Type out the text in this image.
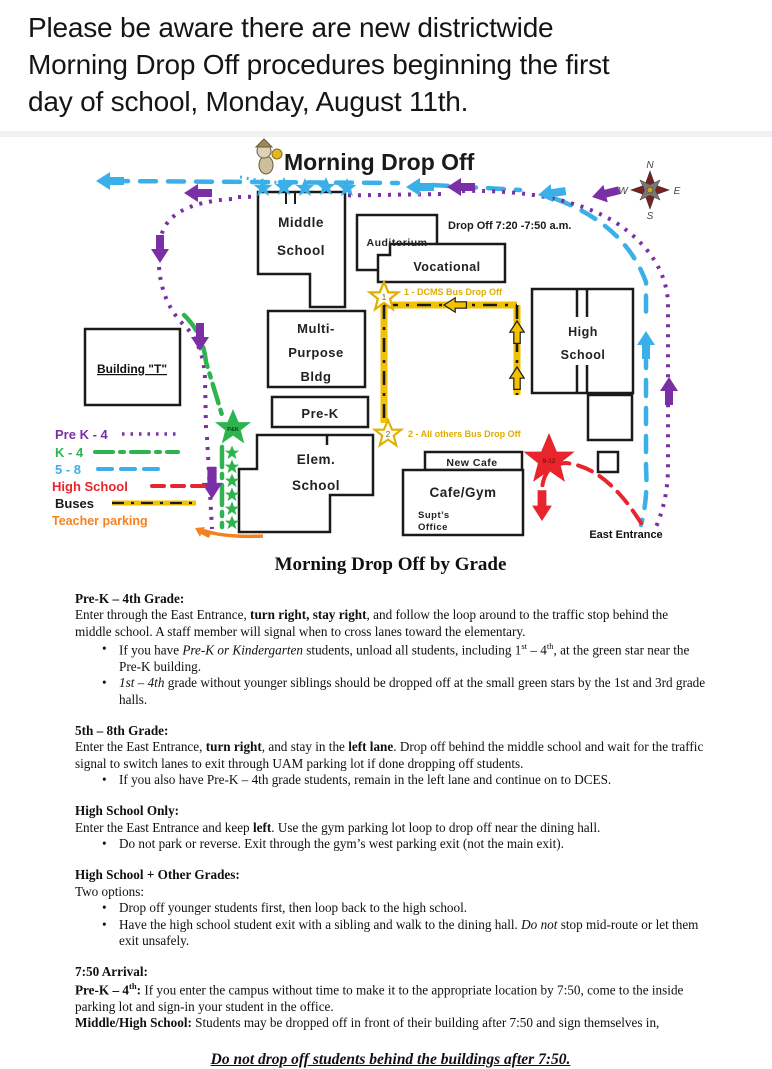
Please be aware there are new districtwide
Morning Drop Off procedures beginning the first
day of school, Monday, August 11th.
P&K
9-12
1
2
Morning Drop Off
Drop Off 7:20 -7:50 a.m.
N
W	E
S
Middle
School	Auditorium
Vocational
High
School
Multi-
Purpose
Bldg
Pre-K
Building "T"
Elem.
School
New Cafe
Cafe/Gym
Supt’s
Office
1 - DCMS Bus Drop Off
2 - All others Bus Drop Off
East Entrance
Pre K - 4
K - 4
5 - 8
High School
Buses
Teacher parking
Morning Drop Off by Grade
Pre-K – 4th Grade:
Enter through the East Entrance, turn right, stay right, and follow the loop around to the traffic stop behind the middle school. A staff member will signal when to cross lanes toward the elementary.
• If you have Pre-K or Kindergarten students, unload all students, including 1st – 4th, at the green star near the Pre-K building.
• 1st – 4th grade without younger siblings should be dropped off at the small green stars by the 1st and 3rd grade halls.
5th – 8th Grade:
Enter the East Entrance, turn right, and stay in the left lane. Drop off behind the middle school and wait for the traffic signal to switch lanes to exit through UAM parking lot if done dropping off students.
• If you also have Pre-K – 4th grade students, remain in the left lane and continue on to DCES.
High School Only:
Enter the East Entrance and keep left. Use the gym parking lot loop to drop off near the dining hall.
• Do not park or reverse. Exit through the gym’s west parking exit (not the main exit).
High School + Other Grades:
Two options:
• Drop off younger students first, then loop back to the high school.
• Have the high school student exit with a sibling and walk to the dining hall. Do not stop mid-route or let them exit unsafely.
7:50 Arrival:
Pre-K – 4th: If you enter the campus without time to make it to the appropriate location by 7:50, come to the inside parking lot and sign-in your student in the office.
Middle/High School: Students may be dropped off in front of their building after 7:50 and sign themselves in,
Do not drop off students behind the buildings after 7:50.
